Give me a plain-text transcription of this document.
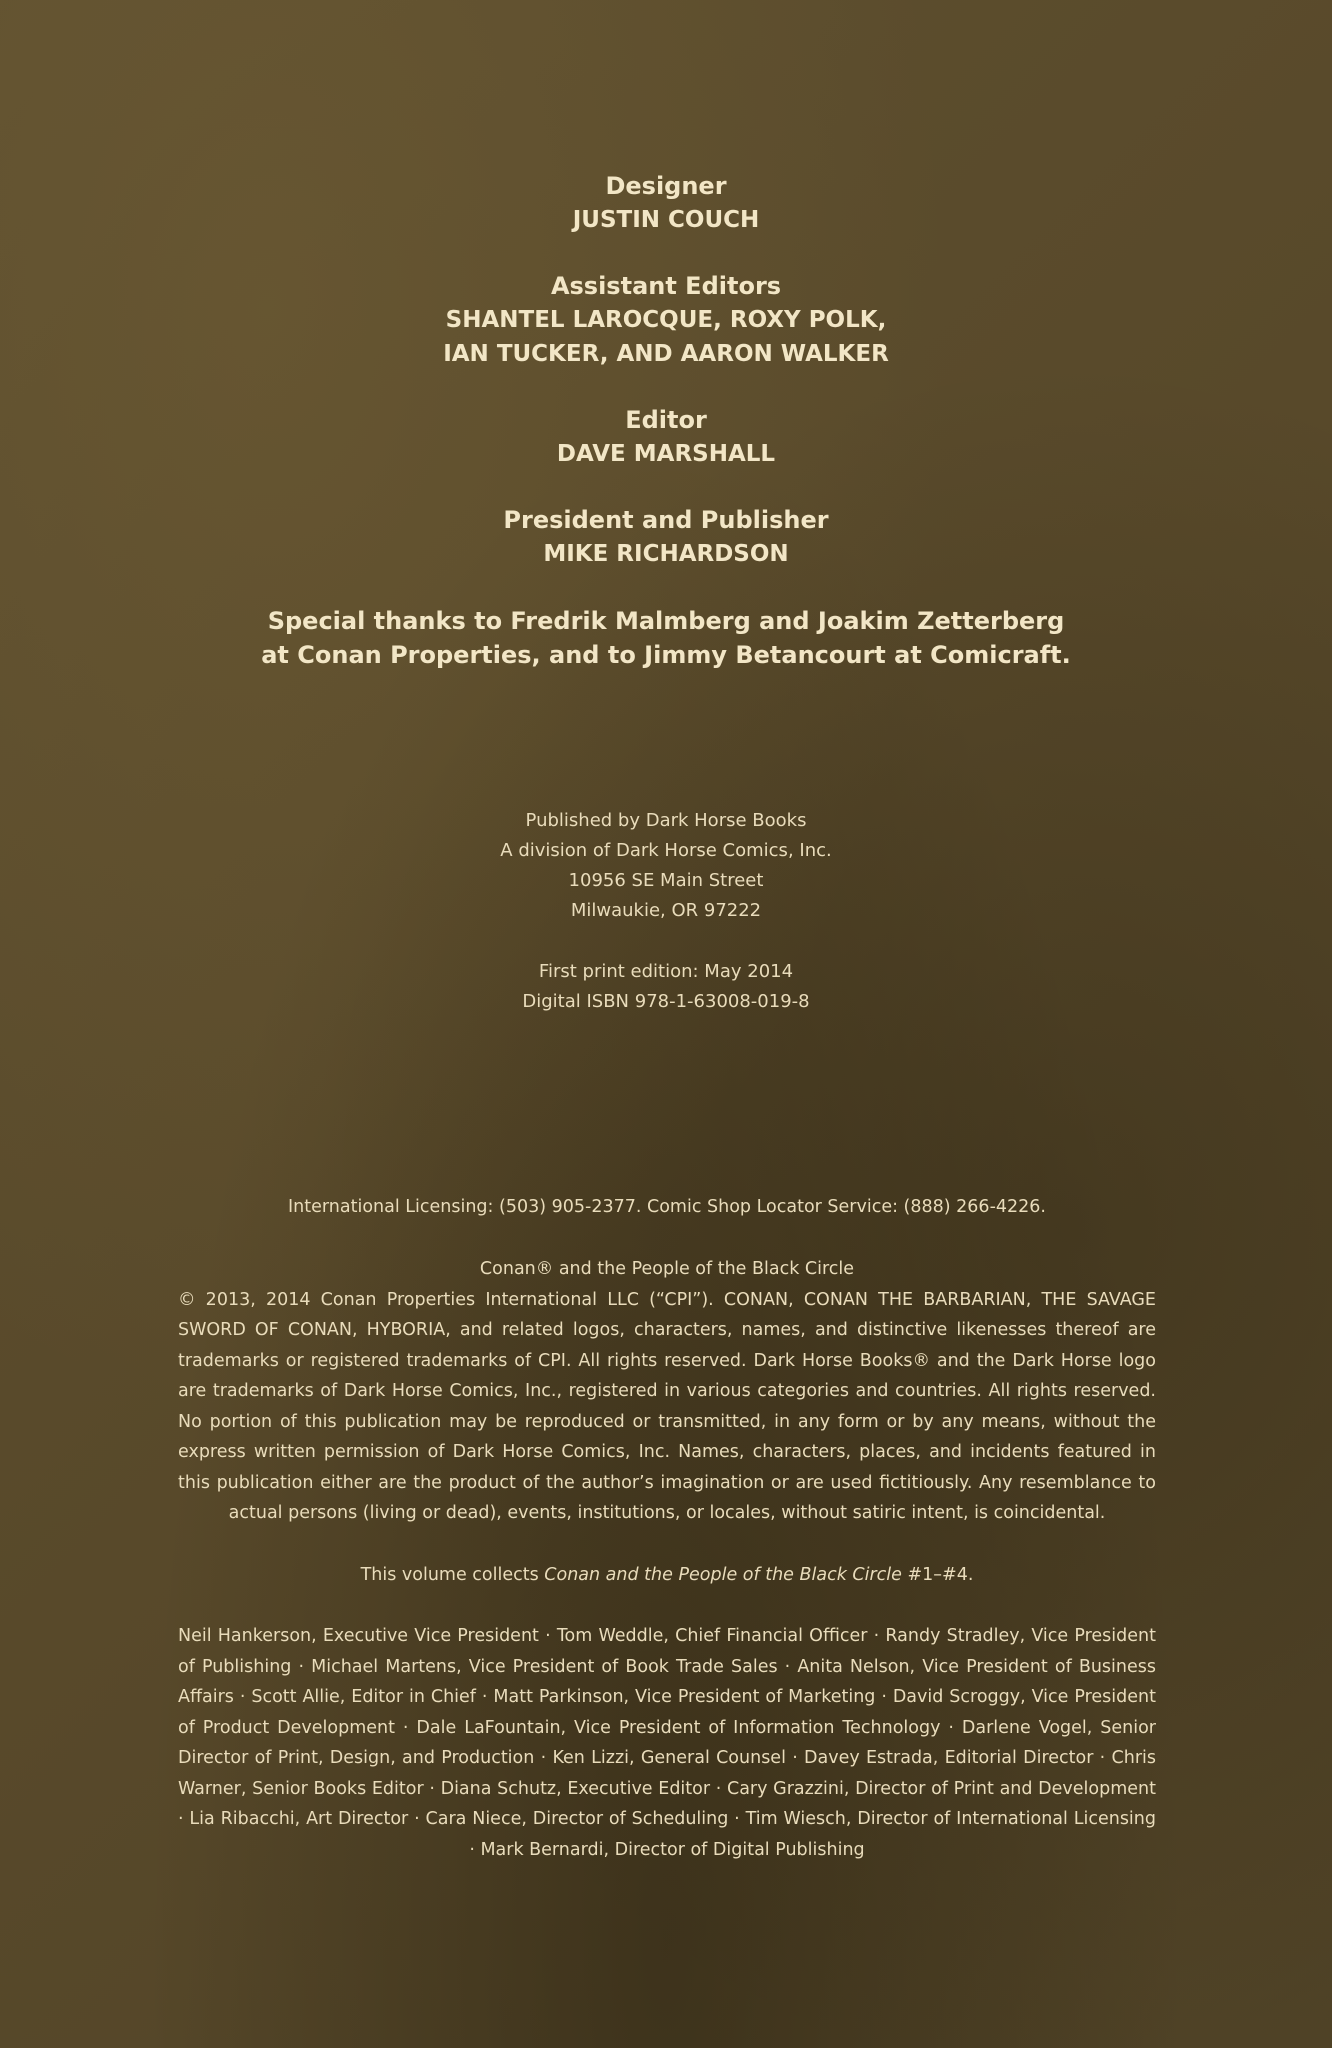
Designer
JUSTIN COUCH
Assistant Editors
SHANTEL LAROCQUE, ROXY POLK,
IAN TUCKER, AND AARON WALKER
Editor
DAVE MARSHALL
President and Publisher
MIKE RICHARDSON
Special thanks to Fredrik Malmberg and Joakim Zetterberg
at Conan Properties, and to Jimmy Betancourt at Comicraft.
Published by Dark Horse Books
A division of Dark Horse Comics, Inc.
10956 SE Main Street
Milwaukie, OR 97222
First print edition: May 2014
Digital ISBN 978-1-63008-019-8
International Licensing: (503) 905-2377. Comic Shop Locator Service: (888) 266-4226.
Conan® and the People of the Black Circle
© 2013, 2014 Conan Properties International LLC (“CPI”). CONAN, CONAN THE BARBARIAN, THE SAVAGE SWORD OF CONAN, HYBORIA, and related logos, characters, names, and distinctive likenesses thereof are trademarks or registered trademarks of CPI. All rights reserved. Dark Horse Books® and the Dark Horse logo are trademarks of Dark Horse Comics, Inc., registered in various categories and countries. All rights reserved. No portion of this publication may be reproduced or transmitted, in any form or by any means, without the express written permission of Dark Horse Comics, Inc. Names, characters, places, and incidents featured in this publication either are the product of the author’s imagination or are used fictitiously. Any resemblance to actual persons (living or dead), events, institutions, or locales, without satiric intent, is coincidental.
This volume collects Conan and the People of the Black Circle #1–#4.
Neil Hankerson, Executive Vice President · Tom Weddle, Chief Financial Officer · Randy Stradley, Vice President of Publishing · Michael Martens, Vice President of Book Trade Sales · Anita Nelson, Vice President of Business Affairs · Scott Allie, Editor in Chief · Matt Parkinson, Vice President of Marketing · David Scroggy, Vice President of Product Development · Dale LaFountain, Vice President of Information Technology · Darlene Vogel, Senior Director of Print, Design, and Production · Ken Lizzi, General Counsel · Davey Estrada, Editorial Director · Chris Warner, Senior Books Editor · Diana Schutz, Executive Editor · Cary Grazzini, Director of Print and Development · Lia Ribacchi, Art Director · Cara Niece, Director of Scheduling · Tim Wiesch, Director of International Licensing · Mark Bernardi, Director of Digital Publishing
